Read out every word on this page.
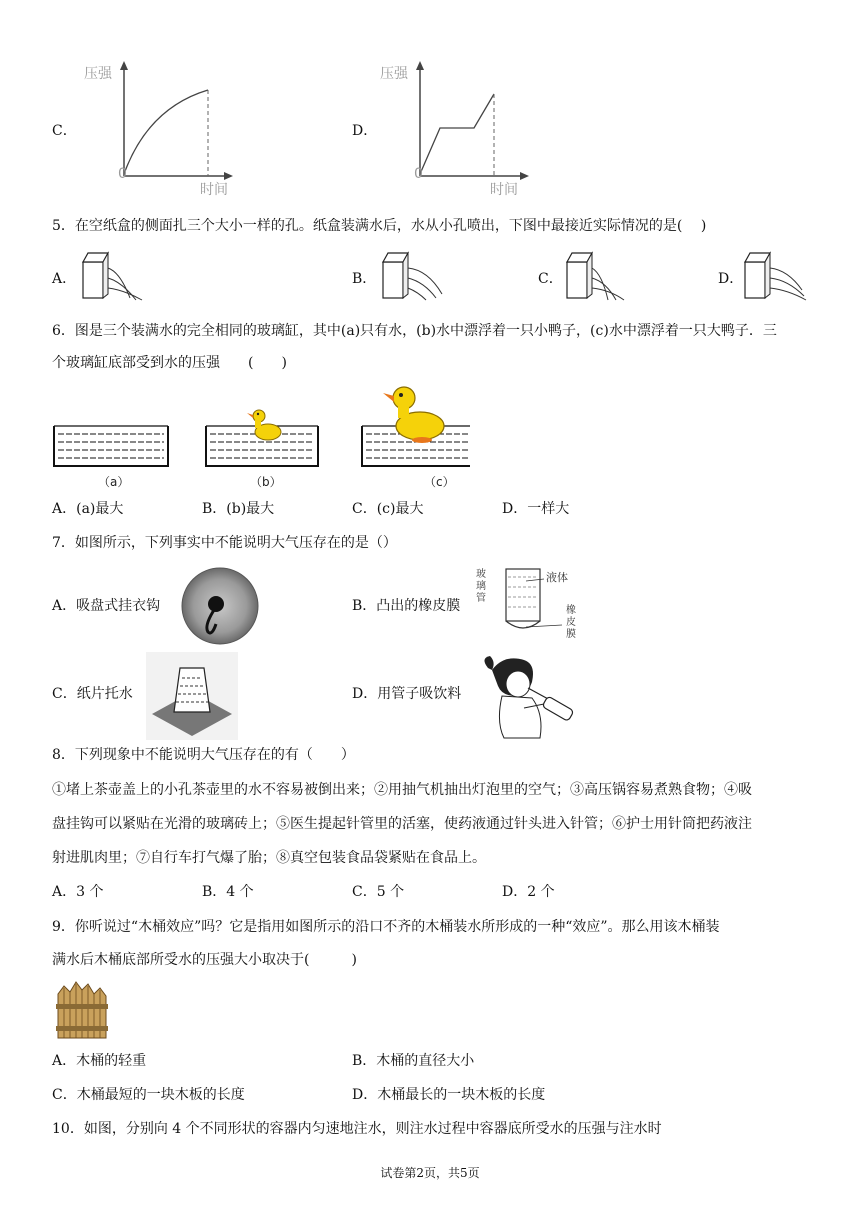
C．
压强
0
时间
D．
压强
0
时间
5．在空纸盒的侧面扎三个大小一样的孔。纸盒装满水后，水从小孔喷出，下图中最接近实际情况的是(　 )
A．	B．	C．	D．
6．图是三个装满水的完全相同的玻璃缸，其中(a)只有水，(b)水中漂浮着一只小鸭子，(c)水中漂浮着一只大鸭子．三
个玻璃缸底部受到水的压强　　(　　)
（a）	（b）	（c）
A．(a)最大	B．(b)最大	C．(c)最大	D．一样大
7．如图所示，下列事实中不能说明大气压存在的是（）
A．吸盘式挂衣钩	B．凸出的橡皮膜
玻
璃
管
液体
橡
皮
膜
C．纸片托水	D．用管子吸饮料
8．下列现象中不能说明大气压存在的有（　　）
①堵上茶壶盖上的小孔茶壶里的水不容易被倒出来；②用抽气机抽出灯泡里的空气；③高压锅容易煮熟食物；④吸
盘挂钩可以紧贴在光滑的玻璃砖上；⑤医生提起针管里的活塞，使药液通过针头进入针管；⑥护士用针筒把药液注
射进肌肉里；⑦自行车打气爆了胎；⑧真空包装食品袋紧贴在食品上。
A．3 个	B．4 个	C．5 个	D．2 个
9．你听说过“木桶效应”吗？它是指用如图所示的沿口不齐的木桶装水所形成的一种“效应”。那么用该木桶装
满水后木桶底部所受水的压强大小取决于(　　　)
A．木桶的轻重	B．木桶的直径大小
C．木桶最短的一块木板的长度	D．木桶最长的一块木板的长度
10．如图，分别向 4 个不同形状的容器内匀速地注水，则注水过程中容器底所受水的压强与注水时
试卷第2页，共5页
